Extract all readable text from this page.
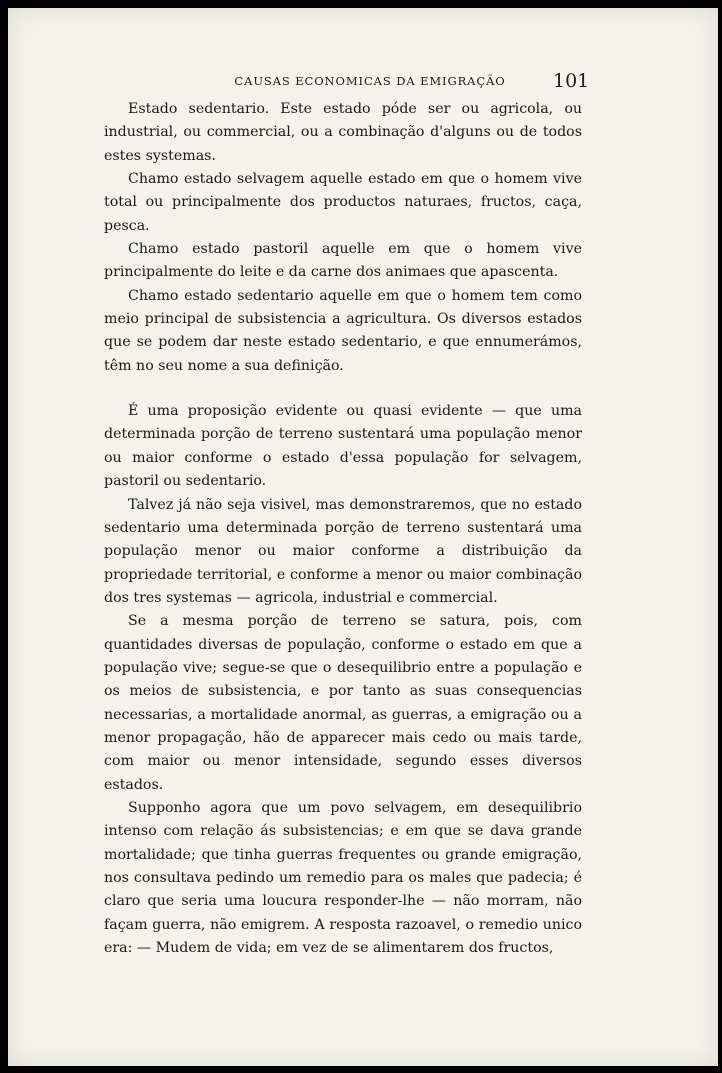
CAUSAS ECONOMICAS DA EMIGRAÇÃO	101

Estado sedentario. Este estado póde ser ou agricola, ou industrial, ou commercial, ou a combinação d'alguns ou de todos estes systemas.

Chamo estado selvagem aquelle estado em que o homem vive total ou principalmente dos productos naturaes, fructos, caça, pesca.

Chamo estado pastoril aquelle em que o homem vive principalmente do leite e da carne dos animaes que apascenta.

Chamo estado sedentario aquelle em que o homem tem como meio principal de subsistencia a agricultura. Os diversos estados que se podem dar neste estado sedentario, e que ennumerámos, têm no seu nome a sua definição.

É uma proposição evidente ou quasi evidente — que uma determinada porção de terreno sustentará uma população menor ou maior conforme o estado d'essa população for selvagem, pastoril ou sedentario.

Talvez já não seja visivel, mas demonstraremos, que no estado sedentario uma determinada porção de terreno sustentará uma população menor ou maior conforme a distribuição da propriedade territorial, e conforme a menor ou maior combinação dos tres systemas — agricola, industrial e commercial.

Se a mesma porção de terreno se satura, pois, com quantidades diversas de população, conforme o estado em que a população vive; segue-se que o desequilibrio entre a população e os meios de subsistencia, e por tanto as suas consequencias necessarias, a mortalidade anormal, as guerras, a emigração ou a menor propagação, hão de apparecer mais cedo ou mais tarde, com maior ou menor intensidade, segundo esses diversos estados.

Supponho agora que um povo selvagem, em desequilibrio intenso com relação ás subsistencias; e em que se dava grande mortalidade; que tinha guerras frequentes ou grande emigração, nos consultava pedindo um remedio para os males que padecia; é claro que seria uma loucura responder-lhe — não morram, não façam guerra, não emigrem. A resposta razoavel, o remedio unico era: — Mudem de vida; em vez de se alimentarem dos fructos,
